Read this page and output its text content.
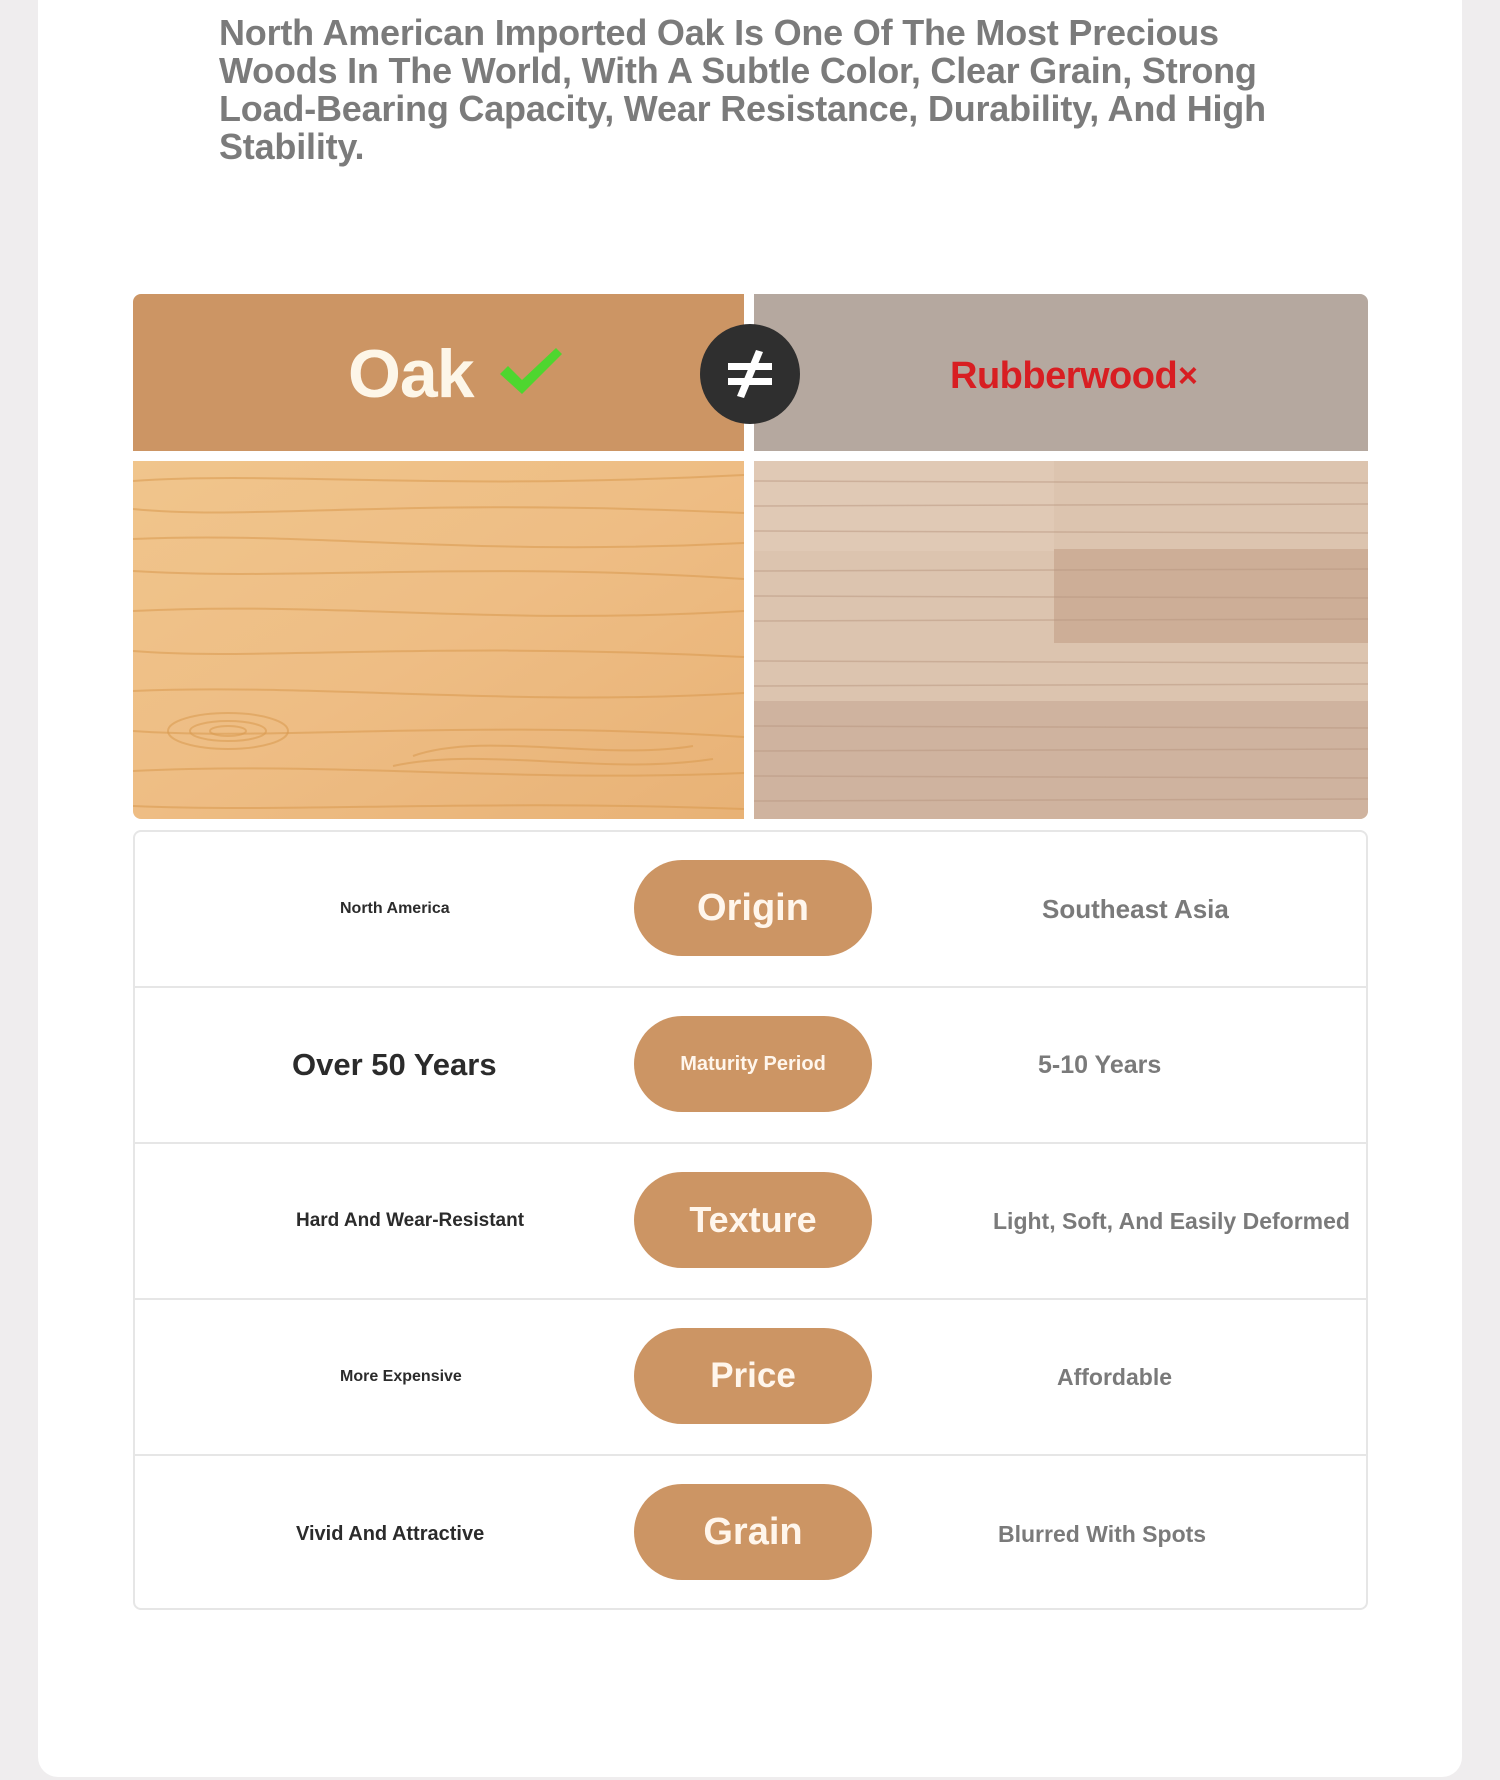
North American Imported Oak Is One Of The Most Precious Woods In The World, With A Subtle Color, Clear Grain, Strong Load-Bearing Capacity, Wear Resistance, Durability, And High Stability.
Oak	Rubberwood ×
North America	Origin	Southeast Asia
Over 50 Years	Maturity Period	5-10 Years
Hard And Wear-Resistant	Texture	Light, Soft, And Easily Deformed
More Expensive	Price	Affordable
Vivid And Attractive	Grain	Blurred With Spots
